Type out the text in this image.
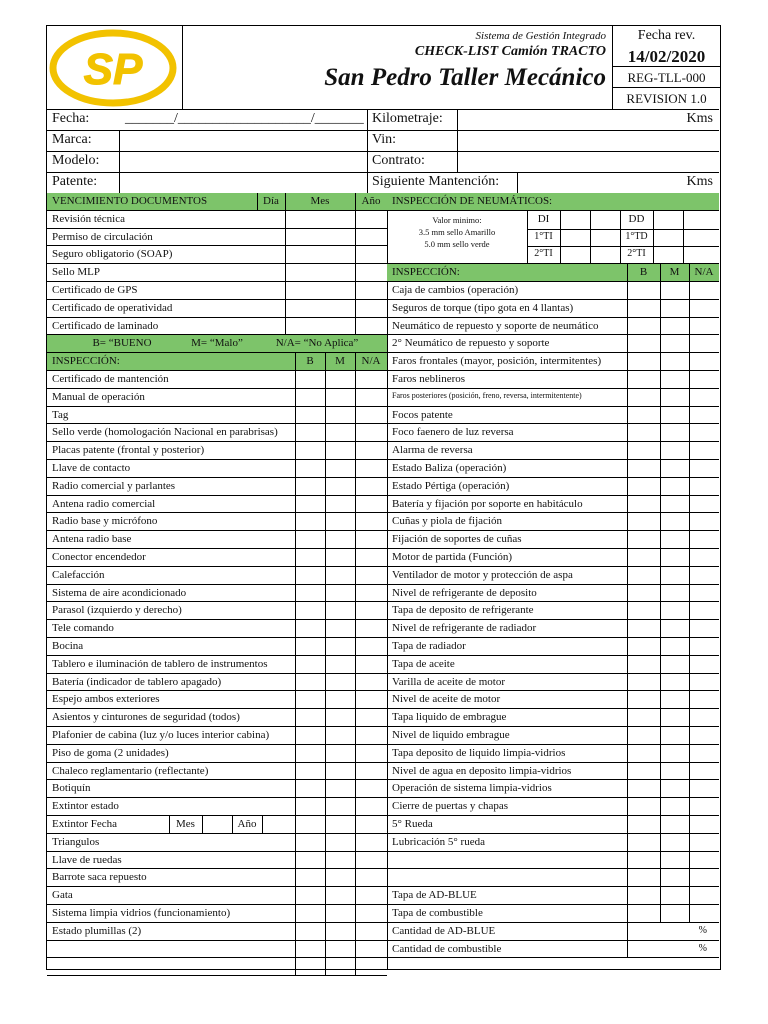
SP
Sistema de Gestión Integrado
CHECK-LIST Camión TRACTO
San Pedro Taller Mecánico
Fecha rev.
14/02/2020
REG-TLL-000
REVISION 1.0
Fecha:	_______/___________________/_______ Kilometraje:	Kms
Marca:	Vin:
Modelo:	Contrato:
Patente:	Siguiente Mantención:	Kms
VENCIMIENTO DOCUMENTOS	Día	Mes	Año
Revisión técnica
Permiso de circulación
Seguro obligatorio (SOAP)
Sello MLP
Certificado de GPS
Certificado de operatividad
Certificado de laminado
B= “BUENO	M= “Malo”	N/A= “No Aplica”
INSPECCIÓN:	B	M	N/A
Certificado de mantención
Manual de operación
Tag
Sello verde (homologación Nacional en parabrisas)
Placas patente (frontal y posterior)
Llave de contacto
Radio comercial y parlantes
Antena radio comercial
Radio base y micrófono
Antena radio base
Conector encendedor
Calefacción
Sistema de aire acondicionado
Parasol (izquierdo y derecho)
Tele comando
Bocina
Tablero e iluminación de tablero de instrumentos
Batería (indicador de tablero apagado)
Espejo ambos exteriores
Asientos y cinturones de seguridad (todos)
Plafonier de cabina (luz y/o luces interior cabina)
Piso de goma (2 unidades)
Chaleco reglamentario (reflectante)
Botiquín
Extintor estado
Extintor Fecha	Mes	Año
Triangulos
Llave de ruedas
Barrote saca repuesto
Gata
Sistema limpia vidrios (funcionamiento)
Estado plumillas (2)
INSPECCIÓN DE NEUMÁTICOS:
Valor minimo:
3.5 mm sello Amarillo
5.0 mm sello verde
DI	DD
1°TI	1°TD
2°TI	2°TI
INSPECCIÓN:	B	M	N/A
Caja de cambios (operación)
Seguros de torque (tipo gota en 4 llantas)
Neumático de repuesto y soporte de neumático
2° Neumático de repuesto y soporte
Faros frontales (mayor, posición, intermitentes)
Faros neblineros
Faros posteriores (posición, freno, reversa, intermitentente)
Focos patente
Foco faenero de luz reversa
Alarma de reversa
Estado Baliza (operación)
Estado Pértiga (operación)
Batería y fijación por soporte en habitáculo
Cuñas y piola de fijación
Fijación de soportes de cuñas
Motor de partida (Función)
Ventilador de motor y protección de aspa
Nivel de refrigerante de deposito
Tapa de deposito de refrigerante
Nivel de refrigerante de radiador
Tapa de radiador
Tapa de aceite
Varilla de aceite de motor
Nivel de aceite de motor
Tapa liquido de embrague
Nivel de liquido embrague
Tapa deposito de liquido limpia-vidrios
Nivel de agua en deposito limpia-vidrios
Operación de sistema limpia-vidrios
Cierre de puertas y chapas
5° Rueda
Lubricación 5° rueda
Tapa de AD-BLUE
Tapa de combustible
Cantidad de AD-BLUE	%
Cantidad de combustible	%
